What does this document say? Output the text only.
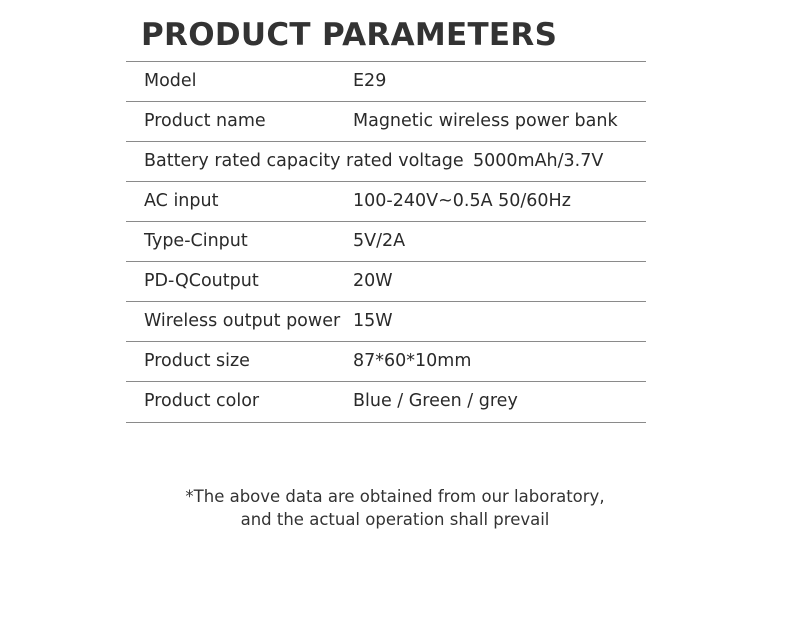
PRODUCT PARAMETERS
Model	E29
Product name	Magnetic wireless power bank
Battery rated capacity rated voltage 5000mAh/3.7V
AC input	100-240V~0.5A 50/60Hz
Type-Cinput	5V/2A
PD-QCoutput	20W
Wireless output power 15W
Product size	87*60*10mm
Product color	Blue / Green / grey
*The above data are obtained from our laboratory,
and the actual operation shall prevail
